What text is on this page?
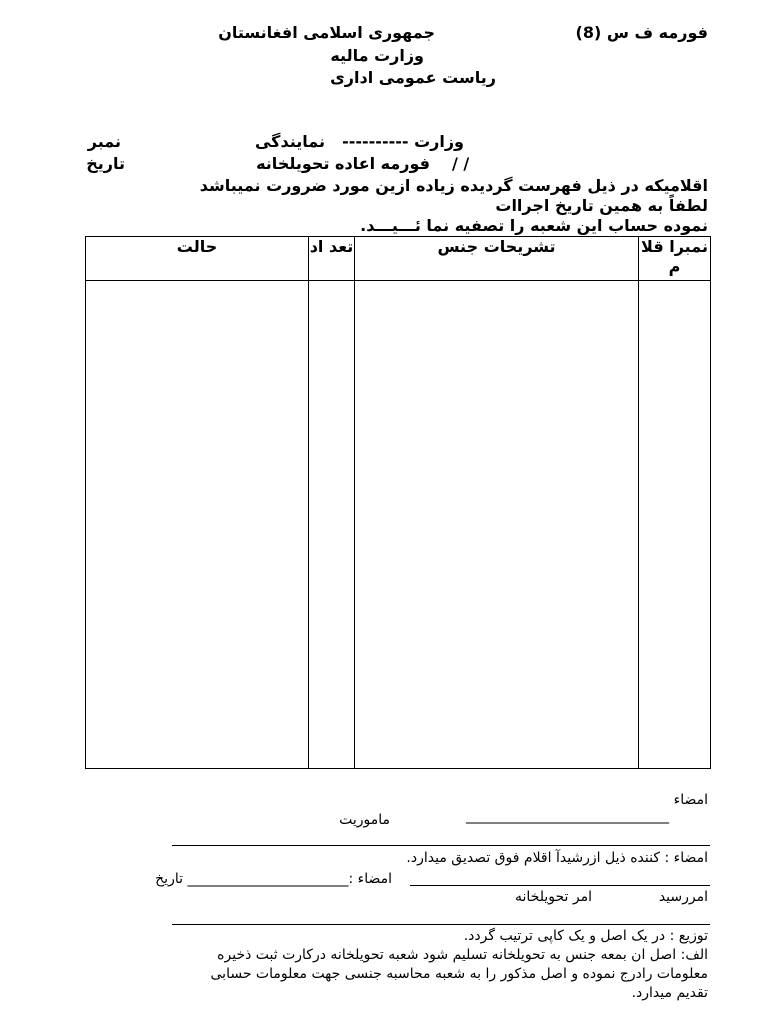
فورمه ف س (8)
جمهوری اسلامی افغانستان
وزارت مالیه
ریاست عمومی اداری
وزارت ----------
نمایندگی
نمبر
فورمه اعاده تحویلخانه / /
تاریخ
اقلامیکه در ذیل فهرست گردیده زیاده ازین مورد ضرورت نمیباشد
لطفاً به همین تاریخ اجراات
نموده حساب این شعبه را تصفیه نما ئـــیـــد.
حالت	تعد اد	تشریحات جنس	نمبرا قلام

امضاء
_____________________________
ماموریت
امضاء : کننده ذیل ازرشیدآ اقلام فوق تصدیق میدارد.
امضاء :_______________________ تاریخ
امررسید
امر تحویلخانه
توزیع : در یک اصل و یک کاپی ترتیب گردد.
الف: اصل ان بمعه جنس به تحویلخانه تسلیم شود شعبه تحویلخانه درکارت ثبت ذخیره
معلومات رادرج نموده و اصل مذکور را به شعبه محاسبه جنسی جهت معلومات حسابی
تقدیم میدارد.
